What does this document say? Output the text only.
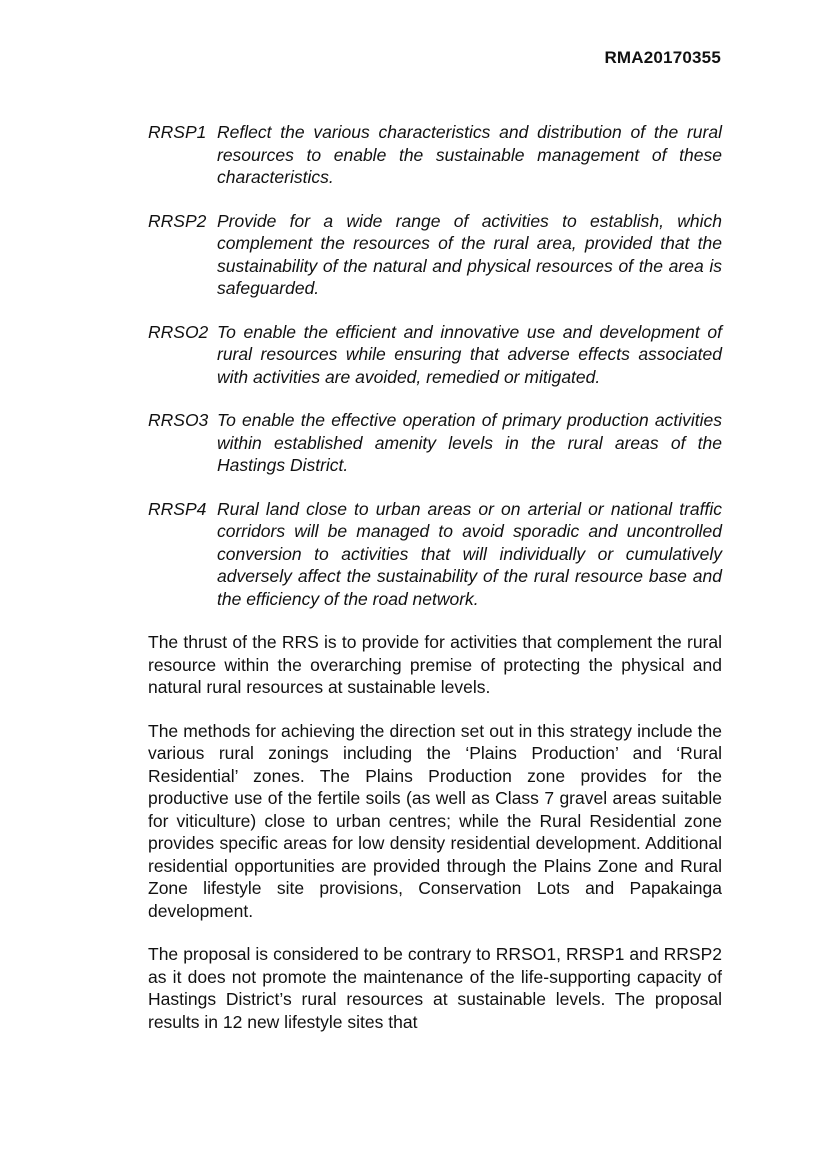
RMA20170355
RRSP1 Reflect the various characteristics and distribution of the rural resources to enable the sustainable management of these characteristics.
RRSP2 Provide for a wide range of activities to establish, which complement the resources of the rural area, provided that the sustainability of the natural and physical resources of the area is safeguarded.
RRSO2 To enable the efficient and innovative use and development of rural resources while ensuring that adverse effects associated with activities are avoided, remedied or mitigated.
RRSO3 To enable the effective operation of primary production activities within established amenity levels in the rural areas of the Hastings District.
RRSP4 Rural land close to urban areas or on arterial or national traffic corridors will be managed to avoid sporadic and uncontrolled conversion to activities that will individually or cumulatively adversely affect the sustainability of the rural resource base and the efficiency of the road network.

The thrust of the RRS is to provide for activities that complement the rural resource within the overarching premise of protecting the physical and natural rural resources at sustainable levels.

The methods for achieving the direction set out in this strategy include the various rural zonings including the ‘Plains Production’ and ‘Rural Residential’ zones. The Plains Production zone provides for the productive use of the fertile soils (as well as Class 7 gravel areas suitable for viticulture) close to urban centres; while the Rural Residential zone provides specific areas for low density residential development. Additional residential opportunities are provided through the Plains Zone and Rural Zone lifestyle site provisions, Conservation Lots and Papakainga development.

The proposal is considered to be contrary to RRSO1, RRSP1 and RRSP2 as it does not promote the maintenance of the life-supporting capacity of Hastings District’s rural resources at sustainable levels. The proposal results in 12 new lifestyle sites that
